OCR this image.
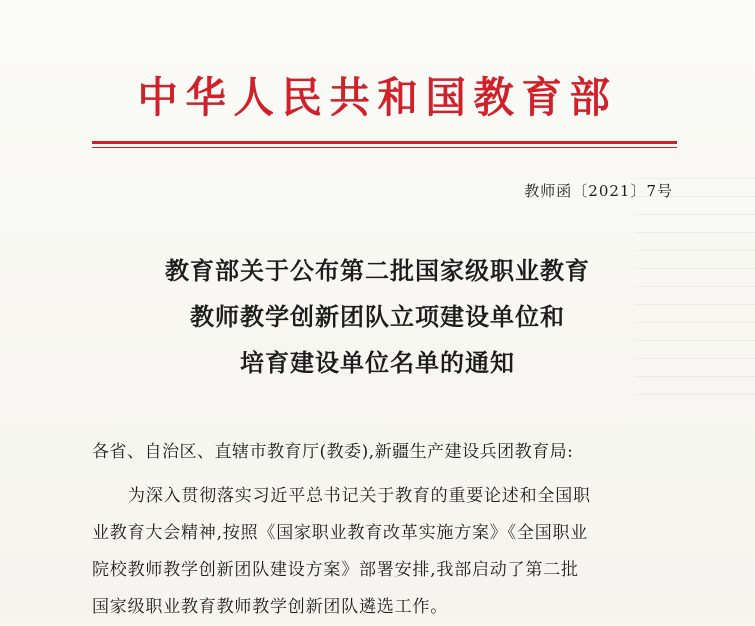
中华人民共和国教育部
教师函〔2021〕7号
教育部关于公布第二批国家级职业教育
教师教学创新团队立项建设单位和
培育建设单位名单的通知
各省、自治区、直辖市教育厅(教委),新疆生产建设兵团教育局:
为深入贯彻落实习近平总书记关于教育的重要论述和全国职
业教育大会精神,按照《国家职业教育改革实施方案》《全国职业
院校教师教学创新团队建设方案》部署安排,我部启动了第二批
国家级职业教育教师教学创新团队遴选工作。
